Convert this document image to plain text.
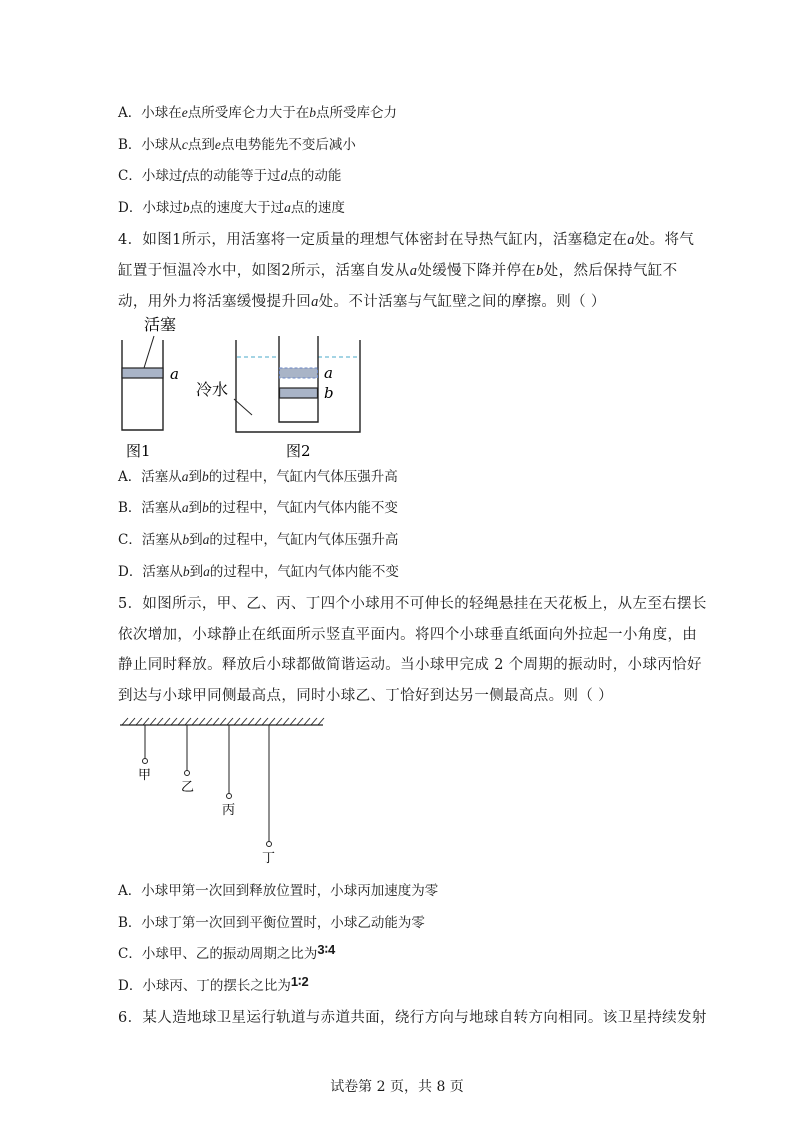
A．小球在e点所受库仑力大于在b点所受库仑力
B．小球从c点到e点电势能先不变后减小
C．小球过f点的动能等于过d点的动能
D．小球过b点的速度大于过a点的速度
4．如图1所示，用活塞将一定质量的理想气体密封在导热气缸内，活塞稳定在a处。将气
缸置于恒温冷水中，如图2所示，活塞自发从a处缓慢下降并停在b处，然后保持气缸不
动，用外力将活塞缓慢提升回a处。不计活塞与气缸壁之间的摩擦。则（ ）
活塞
a
图1
冷水
a
b
图2
A．活塞从a到b的过程中，气缸内气体压强升高
B．活塞从a到b的过程中，气缸内气体内能不变
C．活塞从b到a的过程中，气缸内气体压强升高
D．活塞从b到a的过程中，气缸内气体内能不变
5．如图所示，甲、乙、丙、丁四个小球用不可伸长的轻绳悬挂在天花板上，从左至右摆长
依次增加，小球静止在纸面所示竖直平面内。将四个小球垂直纸面向外拉起一小角度，由
静止同时释放。释放后小球都做简谐运动。当小球甲完成 2 个周期的振动时，小球丙恰好
到达与小球甲同侧最高点，同时小球乙、丁恰好到达另一侧最高点。则（ ）
甲
乙
丙
丁
A．小球甲第一次回到释放位置时，小球丙加速度为零
B．小球丁第一次回到平衡位置时，小球乙动能为零
C．小球甲、乙的振动周期之比为3∶4
D．小球丙、丁的摆长之比为1∶2
6．某人造地球卫星运行轨道与赤道共面，绕行方向与地球自转方向相同。该卫星持续发射
试卷第 2 页，共 8 页
